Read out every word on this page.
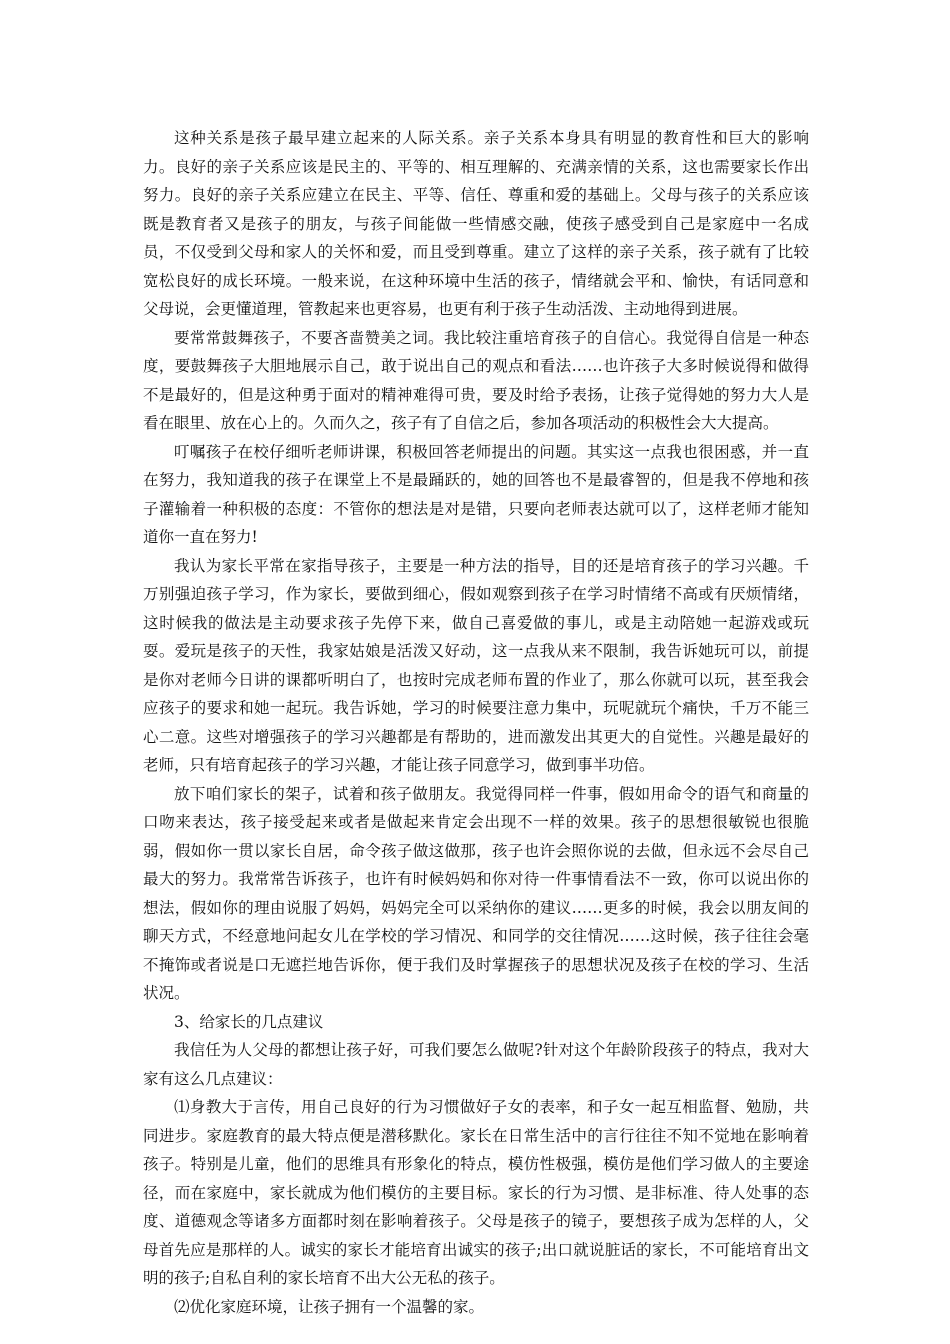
这种关系是孩子最早建立起来的人际关系。亲子关系本身具有明显的教育性和巨大的影响力。良好的亲子关系应该是民主的、平等的、相互理解的、充满亲情的关系，这也需要家长作出努力。良好的亲子关系应建立在民主、平等、信任、尊重和爱的基础上。父母与孩子的关系应该既是教育者又是孩子的朋友，与孩子间能做一些情感交融，使孩子感受到自己是家庭中一名成员，不仅受到父母和家人的关怀和爱，而且受到尊重。建立了这样的亲子关系，孩子就有了比较宽松良好的成长环境。一般来说，在这种环境中生活的孩子，情绪就会平和、愉快，有话同意和父母说，会更懂道理，管教起来也更容易，也更有利于孩子生动活泼、主动地得到进展。

要常常鼓舞孩子，不要吝啬赞美之词。我比较注重培育孩子的自信心。我觉得自信是一种态度，要鼓舞孩子大胆地展示自己，敢于说出自己的观点和看法……也许孩子大多时候说得和做得不是最好的，但是这种勇于面对的精神难得可贵，要及时给予表扬，让孩子觉得她的努力大人是看在眼里、放在心上的。久而久之，孩子有了自信之后，参加各项活动的积极性会大大提高。

叮嘱孩子在校仔细听老师讲课，积极回答老师提出的问题。其实这一点我也很困惑，并一直在努力，我知道我的孩子在课堂上不是最踊跃的，她的回答也不是最睿智的，但是我不停地和孩子灌输着一种积极的态度：不管你的想法是对是错，只要向老师表达就可以了，这样老师才能知道你一直在努力!

我认为家长平常在家指导孩子，主要是一种方法的指导，目的还是培育孩子的学习兴趣。千万别强迫孩子学习，作为家长，要做到细心，假如观察到孩子在学习时情绪不高或有厌烦情绪，这时候我的做法是主动要求孩子先停下来，做自己喜爱做的事儿，或是主动陪她一起游戏或玩耍。爱玩是孩子的天性，我家姑娘是活泼又好动，这一点我从来不限制，我告诉她玩可以，前提是你对老师今日讲的课都听明白了，也按时完成老师布置的作业了，那么你就可以玩，甚至我会应孩子的要求和她一起玩。我告诉她，学习的时候要注意力集中，玩呢就玩个痛快，千万不能三心二意。这些对增强孩子的学习兴趣都是有帮助的，进而激发出其更大的自觉性。兴趣是最好的老师，只有培育起孩子的学习兴趣，才能让孩子同意学习，做到事半功倍。

放下咱们家长的架子，试着和孩子做朋友。我觉得同样一件事，假如用命令的语气和商量的口吻来表达，孩子接受起来或者是做起来肯定会出现不一样的效果。孩子的思想很敏锐也很脆弱，假如你一贯以家长自居，命令孩子做这做那，孩子也许会照你说的去做，但永远不会尽自己最大的努力。我常常告诉孩子，也许有时候妈妈和你对待一件事情看法不一致，你可以说出你的想法，假如你的理由说服了妈妈，妈妈完全可以采纳你的建议……更多的时候，我会以朋友间的聊天方式，不经意地问起女儿在学校的学习情况、和同学的交往情况……这时候，孩子往往会毫不掩饰或者说是口无遮拦地告诉你，便于我们及时掌握孩子的思想状况及孩子在校的学习、生活状况。

3、给家长的几点建议

我信任为人父母的都想让孩子好，可我们要怎么做呢?针对这个年龄阶段孩子的特点，我对大家有这么几点建议：

⑴身教大于言传，用自己良好的行为习惯做好子女的表率，和子女一起互相监督、勉励，共同进步。家庭教育的最大特点便是潜移默化。家长在日常生活中的言行往往不知不觉地在影响着孩子。特别是儿童，他们的思维具有形象化的特点，模仿性极强，模仿是他们学习做人的主要途径，而在家庭中，家长就成为他们模仿的主要目标。家长的行为习惯、是非标准、待人处事的态度、道德观念等诸多方面都时刻在影响着孩子。父母是孩子的镜子，要想孩子成为怎样的人，父母首先应是那样的人。诚实的家长才能培育出诚实的孩子;出口就说脏话的家长，不可能培育出文明的孩子;自私自利的家长培育不出大公无私的孩子。

⑵优化家庭环境，让孩子拥有一个温馨的家。
